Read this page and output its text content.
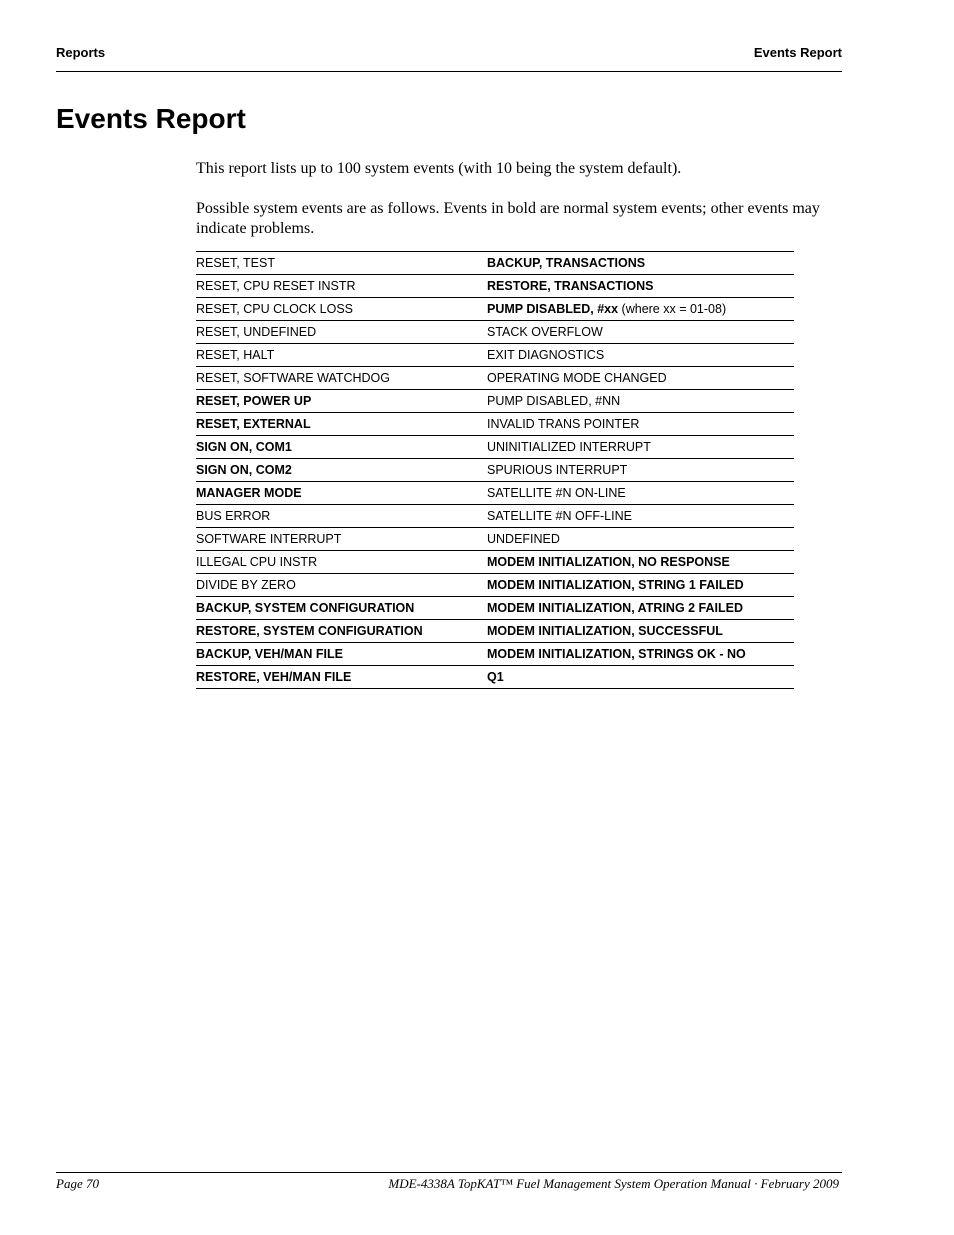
Reports	Events Report
Events Report

This report lists up to 100 system events (with 10 being the system default).

Possible system events are as follows. Events in bold are normal system events; other events may indicate problems.

RESET, TEST	BACKUP, TRANSACTIONS
RESET, CPU RESET INSTR	RESTORE, TRANSACTIONS
RESET, CPU CLOCK LOSS	PUMP DISABLED, #xx (where xx = 01-08)
RESET, UNDEFINED	STACK OVERFLOW
RESET, HALT	EXIT DIAGNOSTICS
RESET, SOFTWARE WATCHDOG	OPERATING MODE CHANGED
RESET, POWER UP	PUMP DISABLED, #NN
RESET, EXTERNAL	INVALID TRANS POINTER
SIGN ON, COM1	UNINITIALIZED INTERRUPT
SIGN ON, COM2	SPURIOUS INTERRUPT
MANAGER MODE	SATELLITE #N ON-LINE
BUS ERROR	SATELLITE #N OFF-LINE
SOFTWARE INTERRUPT	UNDEFINED
ILLEGAL CPU INSTR	MODEM INITIALIZATION, NO RESPONSE
DIVIDE BY ZERO	MODEM INITIALIZATION, STRING 1 FAILED
BACKUP, SYSTEM CONFIGURATION	MODEM INITIALIZATION, ATRING 2 FAILED
RESTORE, SYSTEM CONFIGURATION	MODEM INITIALIZATION, SUCCESSFUL
BACKUP, VEH/MAN FILE	MODEM INITIALIZATION, STRINGS OK - NO
RESTORE, VEH/MAN FILE	Q1
Page 70	MDE-4338A TopKAT™ Fuel Management System Operation Manual · February 2009
